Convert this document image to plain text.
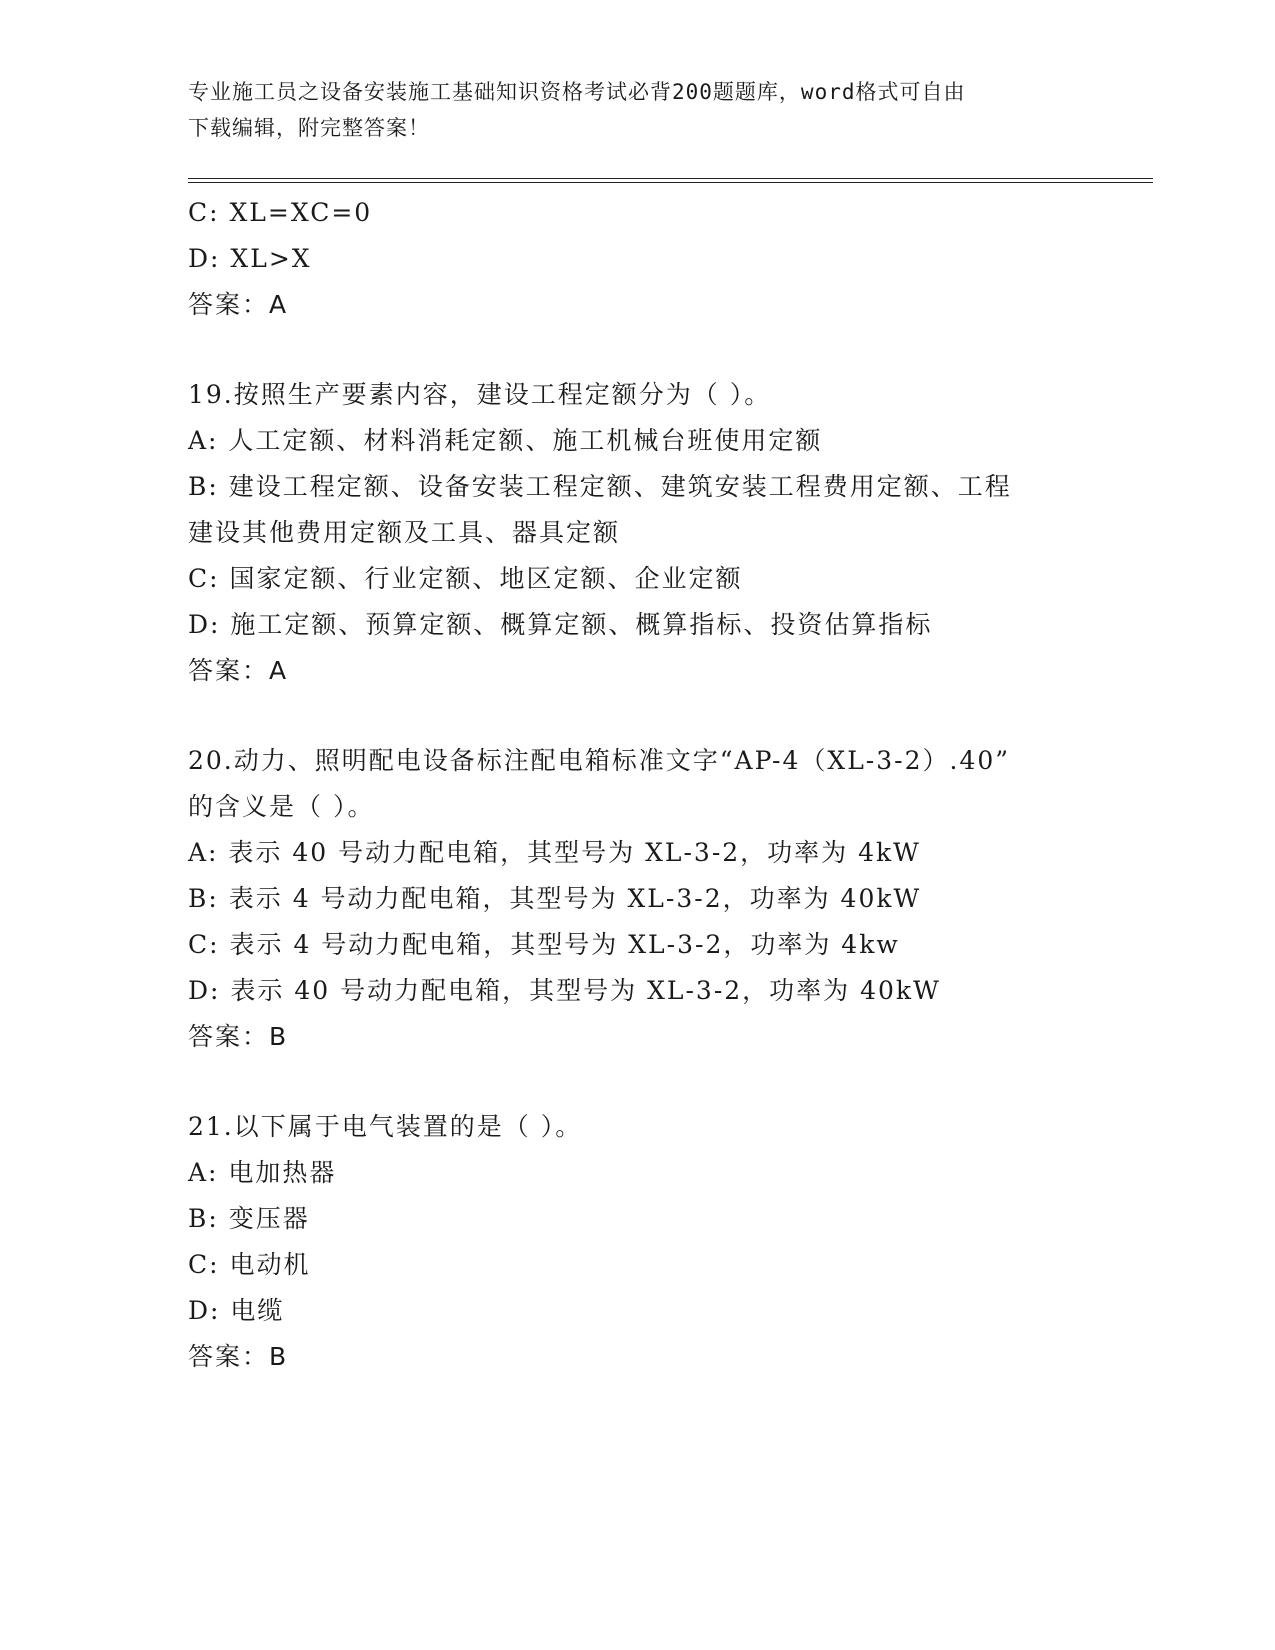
专业施工员之设备安装施工基础知识资格考试必背200题题库，word格式可自由
下载编辑，附完整答案！
C: XL=XC=0
D: XL>X
答案：A
19.按照生产要素内容，建设工程定额分为（ ）。
A: 人工定额、材料消耗定额、施工机械台班使用定额
B: 建设工程定额、设备安装工程定额、建筑安装工程费用定额、工程
建设其他费用定额及工具、器具定额
C: 国家定额、行业定额、地区定额、企业定额
D: 施工定额、预算定额、概算定额、概算指标、投资估算指标
答案：A
20.动力、照明配电设备标注配电箱标准文字“AP-4（XL-3-2）.40”
的含义是（ ）。
A: 表示 40 号动力配电箱，其型号为 XL-3-2，功率为 4kW
B: 表示 4 号动力配电箱，其型号为 XL-3-2，功率为 40kW
C: 表示 4 号动力配电箱，其型号为 XL-3-2，功率为 4kw
D: 表示 40 号动力配电箱，其型号为 XL-3-2，功率为 40kW
答案：B
21.以下属于电气装置的是（ ）。
A: 电加热器
B: 变压器
C: 电动机
D: 电缆
答案：B
